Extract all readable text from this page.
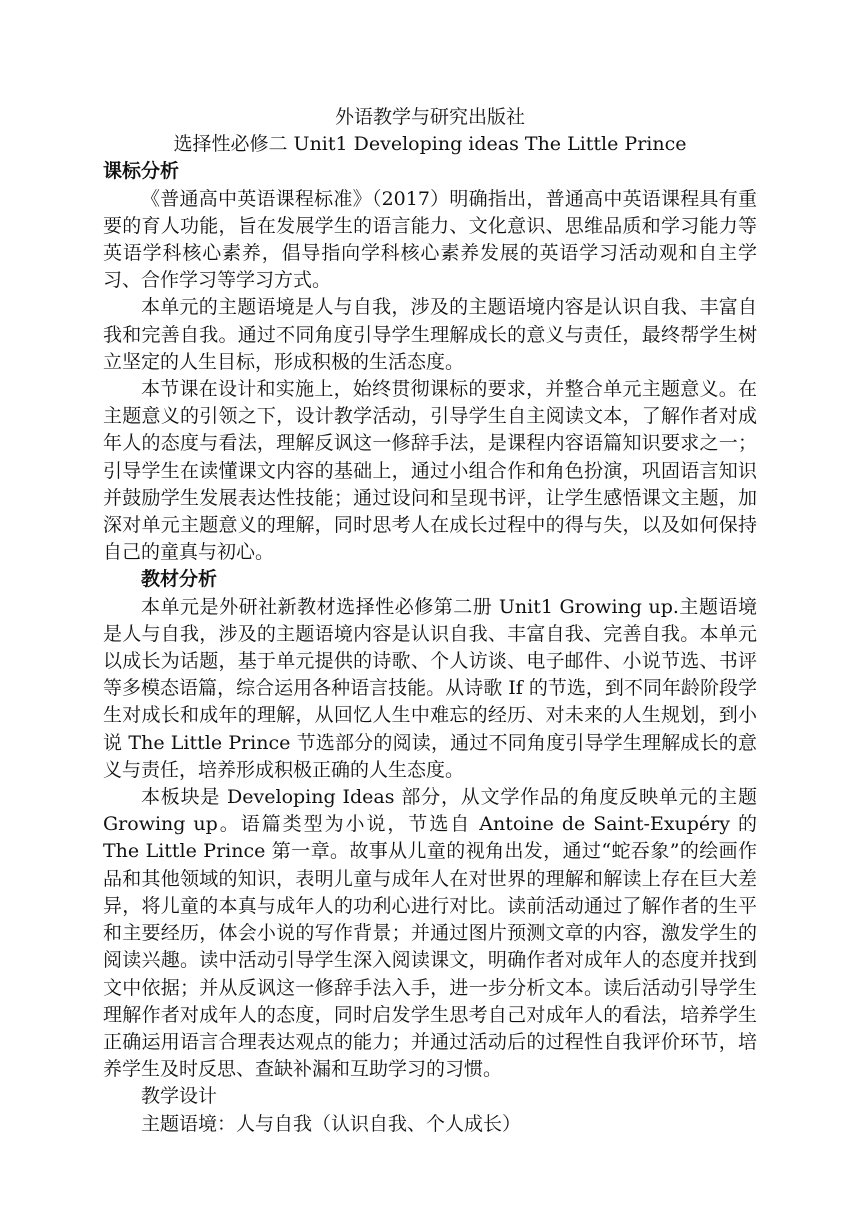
外语教学与研究出版社

选择性必修二 Unit1 Developing ideas The Little Prince

课标分析

《普通高中英语课程标准》（2017）明确指出，普通高中英语课程具有重要的育人功能，旨在发展学生的语言能力、文化意识、思维品质和学习能力等英语学科核心素养，倡导指向学科核心素养发展的英语学习活动观和自主学习、合作学习等学习方式。

本单元的主题语境是人与自我，涉及的主题语境内容是认识自我、丰富自我和完善自我。通过不同角度引导学生理解成长的意义与责任，最终帮学生树立坚定的人生目标，形成积极的生活态度。

本节课在设计和实施上，始终贯彻课标的要求，并整合单元主题意义。在主题意义的引领之下，设计教学活动，引导学生自主阅读文本，了解作者对成年人的态度与看法，理解反讽这一修辞手法，是课程内容语篇知识要求之一；引导学生在读懂课文内容的基础上，通过小组合作和角色扮演，巩固语言知识并鼓励学生发展表达性技能；通过设问和呈现书评，让学生感悟课文主题，加深对单元主题意义的理解，同时思考人在成长过程中的得与失，以及如何保持自己的童真与初心。

教材分析

本单元是外研社新教材选择性必修第二册 Unit1 Growing up.主题语境是人与自我，涉及的主题语境内容是认识自我、丰富自我、完善自我。本单元以成长为话题，基于单元提供的诗歌、个人访谈、电子邮件、小说节选、书评等多模态语篇，综合运用各种语言技能。从诗歌 If 的节选，到不同年龄阶段学生对成长和成年的理解，从回忆人生中难忘的经历、对未来的人生规划，到小说 The Little Prince 节选部分的阅读，通过不同角度引导学生理解成长的意义与责任，培养形成积极正确的人生态度。

本板块是 Developing Ideas 部分，从文学作品的角度反映单元的主题 Growing up。语篇类型为小说，节选自 Antoine de Saint-Exupéry 的 The Little Prince 第一章。故事从儿童的视角出发，通过“蛇吞象”的绘画作品和其他领域的知识，表明儿童与成年人在对世界的理解和解读上存在巨大差异，将儿童的本真与成年人的功利心进行对比。读前活动通过了解作者的生平和主要经历，体会小说的写作背景；并通过图片预测文章的内容，激发学生的阅读兴趣。读中活动引导学生深入阅读课文，明确作者对成年人的态度并找到文中依据；并从反讽这一修辞手法入手，进一步分析文本。读后活动引导学生理解作者对成年人的态度，同时启发学生思考自己对成年人的看法，培养学生正确运用语言合理表达观点的能力；并通过活动后的过程性自我评价环节，培养学生及时反思、查缺补漏和互助学习的习惯。

教学设计

主题语境：人与自我（认识自我、个人成长）
